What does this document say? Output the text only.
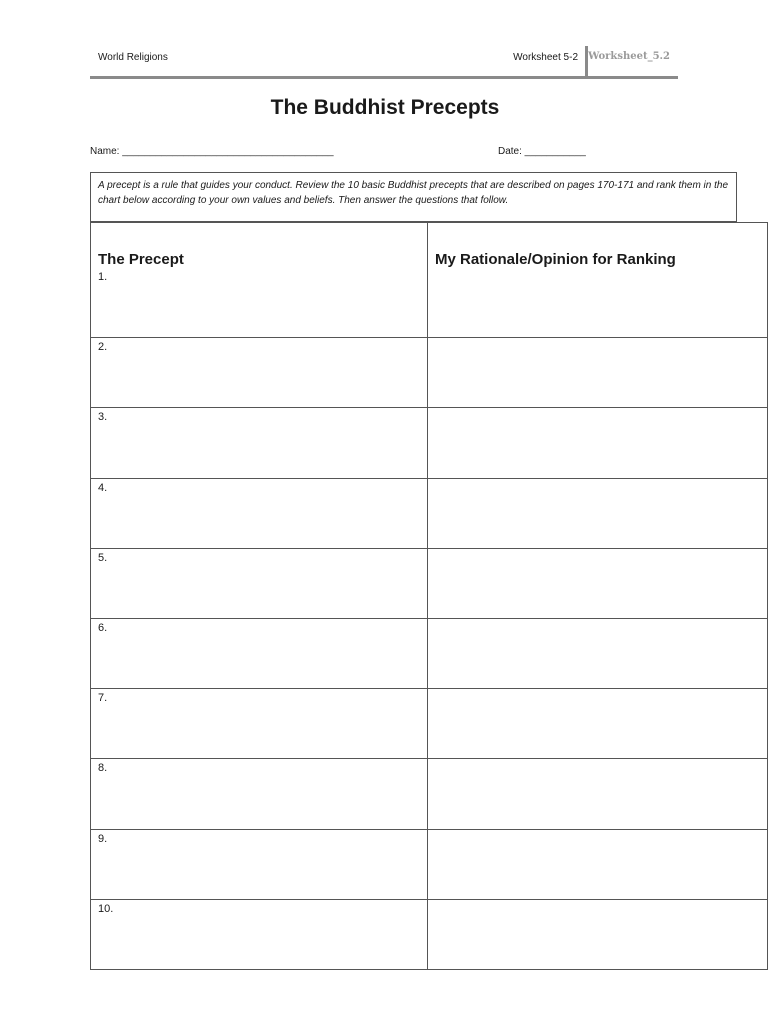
World Religions	Worksheet 5-2 Worksheet_5.2
The Buddhist Precepts
Name: ______________________________________	Date: ___________
A precept is a rule that guides your conduct. Review the 10 basic Buddhist precepts that are described on pages 170-171 and rank them in the chart below according to your own values and beliefs. Then answer the questions that follow.
The Precept	My Rationale/Opinion for Ranking

1.	

2.	

3.	

4.	

5.	

6.	

7.	

8.	

9.	

10.	
